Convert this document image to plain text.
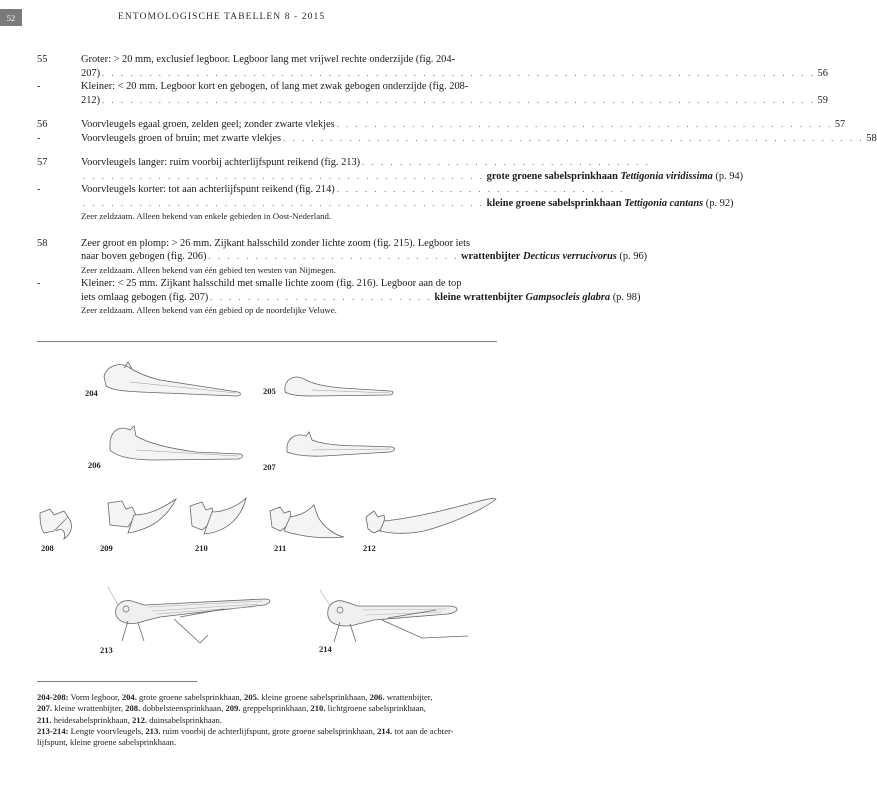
52	ENTOMOLOGISCHE TABELLEN 8 - 2015
55	Groter: > 20 mm, exclusief legboor. Legboor lang met vrijwel rechte onderzijde (fig. 204-
207) . . . . . . . . . . . . . . . . . . . . . . . . . . . . . . . . . . . . . . . . . . . . . . . . . . . . . . . . . . . . . . . . . . . . . . . . . . . . 56
-	Kleiner: < 20 mm. Legboor kort en gebogen, of lang met zwak gebogen onderzijde (fig. 208-
212) . . . . . . . . . . . . . . . . . . . . . . . . . . . . . . . . . . . . . . . . . . . . . . . . . . . . . . . . . . . . . . . . . . . . . . . . . . . . 59
56	Voorvleugels egaal groen, zelden geel; zonder zwarte vlekjes . . . . . . . . . . . . . . . . . . . . . . . . . . . . . . . . . . . . . . . . . . . . . . . . . . . . . 57
-	Voorvleugels groen of bruin; met zwarte vlekjes . . . . . . . . . . . . . . . . . . . . . . . . . . . . . . . . . . . . . . . . . . . . . . . . . . . . . . . . . . . . . . 58
57	Voorvleugels langer: ruim voorbij achterlijfspunt reikend (fig. 213) . . . . . . . . . . . . . . . . . . . . . . . . . . . . . . .
. . . . . . . . . . . . . . . . . . . . . . . . . . . . . . . . . . . . . . . . . . . grote groene sabelsprinkhaan Tettigonia viridissima (p. 94)
-	Voorvleugels korter: tot aan achterlijfspunt reikend (fig. 214) . . . . . . . . . . . . . . . . . . . . . . . . . . . . . . .
. . . . . . . . . . . . . . . . . . . . . . . . . . . . . . . . . . . . . . . . . . . kleine groene sabelsprinkhaan Tettigonia cantans (p. 92)
Zeer zeldzaam. Alleen bekend van enkele gebieden in Oost-Nederland.
58	Zeer groot en plomp: > 26 mm. Zijkant halsschild zonder lichte zoom (fig. 215). Legboor iets
naar boven gebogen (fig. 206) . . . . . . . . . . . . . . . . . . . . . . . . . . . wrattenbijter Decticus verrucivorus (p. 96)
Zeer zeldzaam. Alleen bekend van één gebied ten westen van Nijmegen.
-	Kleiner: < 25 mm. Zijkant halsschild met smalle lichte zoom (fig. 216). Legboor aan de top
iets omlaag gebogen (fig. 207) . . . . . . . . . . . . . . . . . . . . . . . . kleine wrattenbijter Gampsocleis glabra (p. 98)
Zeer zeldzaam. Alleen bekend van één gebied op de noordelijke Veluwe.
204	205
206	207
208	209	210	211	212
213	214
204-208: Vorm legboor, 204. grote groene sabelsprinkhaan, 205. kleine groene sabelsprinkhaan, 206. wrattenbijter,
207. kleine wrattenbijter, 208. dobbelsteensprinkhaan, 209. greppelsprinkhaan, 210. lichtgroene sabelsprinkhaan,
211. heidesabelsprinkhaan, 212. duinsabelsprinkhaan.
213-214: Lengte voorvleugels, 213. ruim voorbij de achterlijfspunt, grote groene sabelsprinkhaan, 214. tot aan de achter-
lijfspunt, kleine groene sabelsprinkhaan.
